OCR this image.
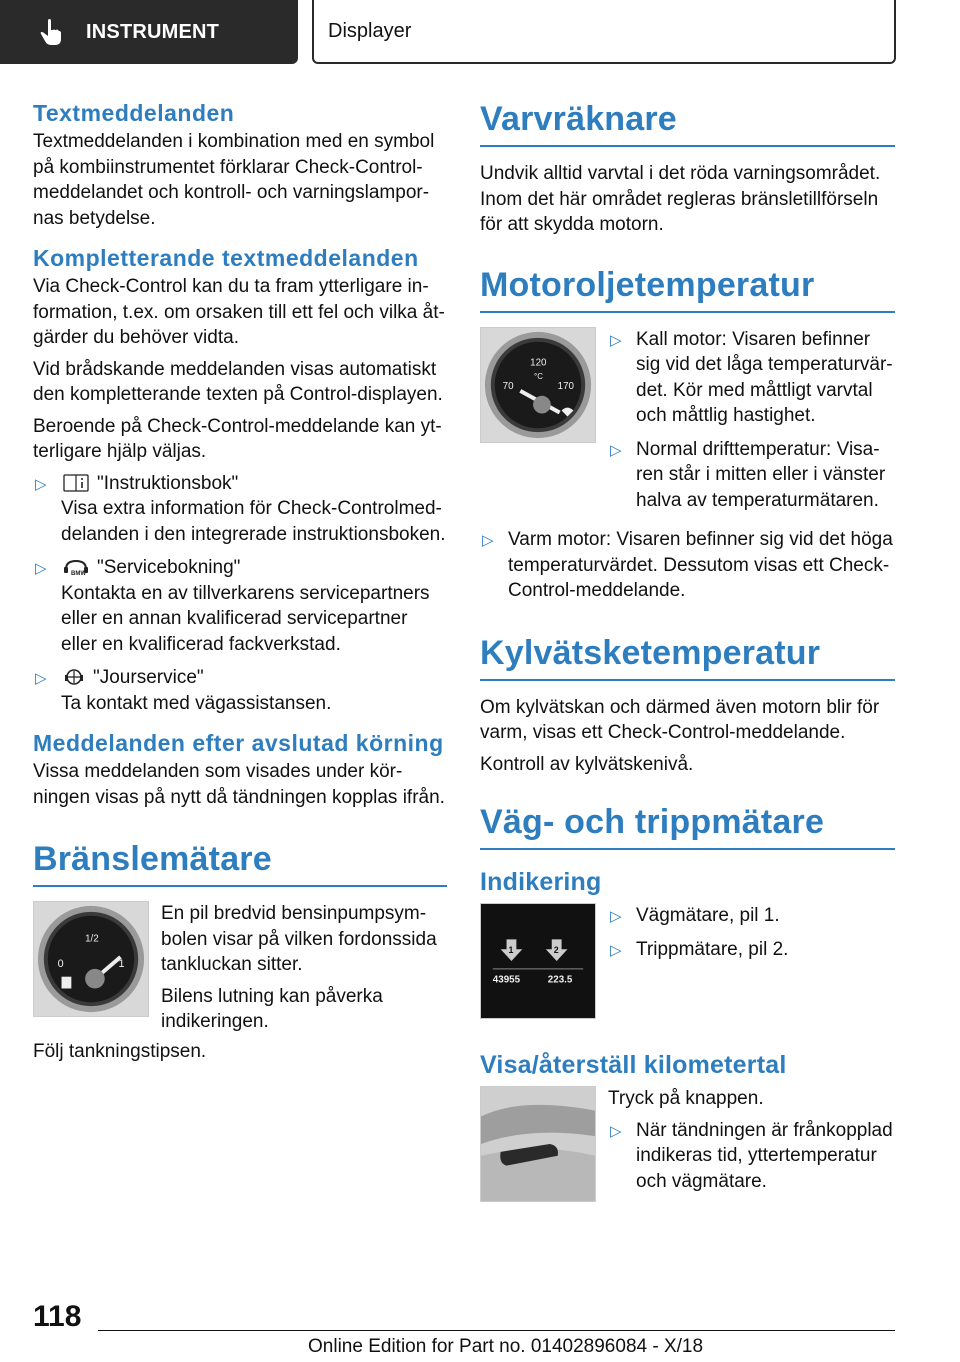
INSTRUMENT	Displayer
Textmeddelanden

Textmeddelanden i kombination med en symbol på kombiinstrumentet förklarar Check-Control-meddelandet och kontroll- och varningslampornas betydelse.

Kompletterande textmeddelanden

Via Check-Control kan du ta fram ytterligare information, t.ex. om orsaken till ett fel och vilka åtgärder du behöver vidta.

Vid brådskande meddelanden visas automatiskt den kompletterande texten på Control-displayen.

Beroende på Check-Control-meddelande kan ytterligare hjälp väljas.

▷	"Instruktionsbok"
Visa extra information för Check-Controlmeddelanden i den integrerade instruktionsboken.
▷	BMW "Servicebokning"
Kontakta en av tillverkarens servicepartners eller en annan kvalificerad servicepartner eller en kvalificerad fackverkstad.
▷ "Jourservice"
Ta kontakt med vägassistansen.
Meddelanden efter avslutad körning

Vissa meddelanden som visades under körningen visas på nytt då tändningen kopplas ifrån.

Bränslemätare
0
1/2
1

En pil bredvid bensinpumpsymbolen visar på vilken fordonssida tankluckan sitter.

Bilens lutning kan påverka indikeringen.

Följ tankningstipsen.

Varvräknare

Undvik alltid varvtal i det röda varningsområdet. Inom det här området regleras bränsletillförseln för att skydda motorn.

Motoroljetemperatur
70
120
°C
170
▷ Kall motor: Visaren befinner sig vid det låga temperaturvärdet. Kör med måttligt varvtal och måttlig hastighet.
▷ Normal drifttemperatur: Visaren står i mitten eller i vänster halva av temperaturmätaren.
▷ Varm motor: Visaren befinner sig vid det höga temperaturvärdet. Dessutom visas ett Check-Control-meddelande.
Kylvätsketemperatur

Om kylvätskan och därmed även motorn blir för varm, visas ett Check-Control-meddelande.

Kontroll av kylvätskenivå.

Väg- och trippmätare
Indikering
1	2
43955	223.5
▷ Vägmätare, pil 1.
▷ Trippmätare, pil 2.
Visa/återställ kilometertal

Tryck på knappen.

▷ När tändningen är frånkopplad indikeras tid, yttertemperatur och vägmätare.
118
Online Edition for Part no. 01402896084 - X/18
